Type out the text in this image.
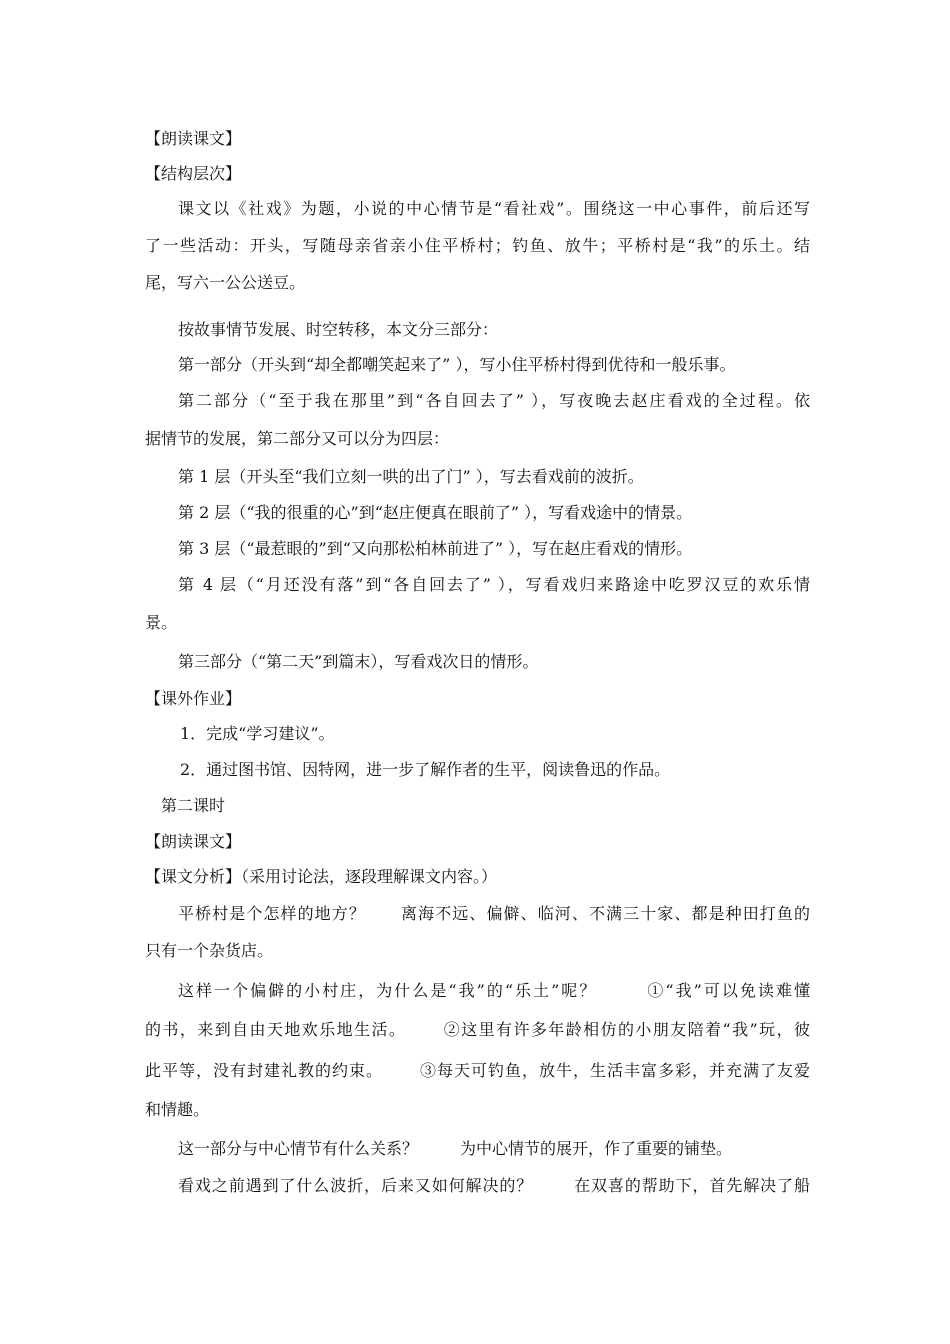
【朗读课文】
【结构层次】
课文以《社戏》为题，小说的中心情节是“看社戏”。围绕这一中心事件，前后还写
了一些活动：开头，写随母亲省亲小住平桥村；钓鱼、放牛；平桥村是“我”的乐土。结
尾，写六一公公送豆。
按故事情节发展、时空转移，本文分三部分：
第一部分（开头到“却全都嘲笑起来了” ），写小住平桥村得到优待和一般乐事。
第二部分（“至于我在那里”到“各自回去了” ），写夜晚去赵庄看戏的全过程。依
据情节的发展，第二部分又可以分为四层：
第 1 层（开头至“我们立刻一哄的出了门” ），写去看戏前的波折。
第 2 层（“我的很重的心”到“赵庄便真在眼前了” ），写看戏途中的情景。
第 3 层（“最惹眼的”到“又向那松柏林前进了” ），写在赵庄看戏的情形。
第 4 层（“月还没有落”到“各自回去了” ），写看戏归来路途中吃罗汉豆的欢乐情
景。
第三部分（“第二天”到篇末），写看戏次日的情形。
【课外作业】
1．完成“学习建议”。
2．通过图书馆、因特网，进一步了解作者的生平，阅读鲁迅的作品。
第二课时
【朗读课文】
【课文分析】（采用讨论法，逐段理解课文内容。）
平桥村是个怎样的地方？ 离海不远、偏僻、临河、不满三十家、都是种田打鱼的
只有一个杂货店。
这样一个偏僻的小村庄，为什么是“我”的“乐土”呢？	①“我”可以免读难懂
的书，来到自由天地欢乐地生活。 ②这里有许多年龄相仿的小朋友陪着“我”玩，彼
此平等，没有封建礼教的约束。 ③每天可钓鱼，放牛，生活丰富多彩，并充满了友爱
和情趣。
这一部分与中心情节有什么关系？	为中心情节的展开，作了重要的铺垫。
看戏之前遇到了什么波折，后来又如何解决的？	在双喜的帮助下，首先解决了船
